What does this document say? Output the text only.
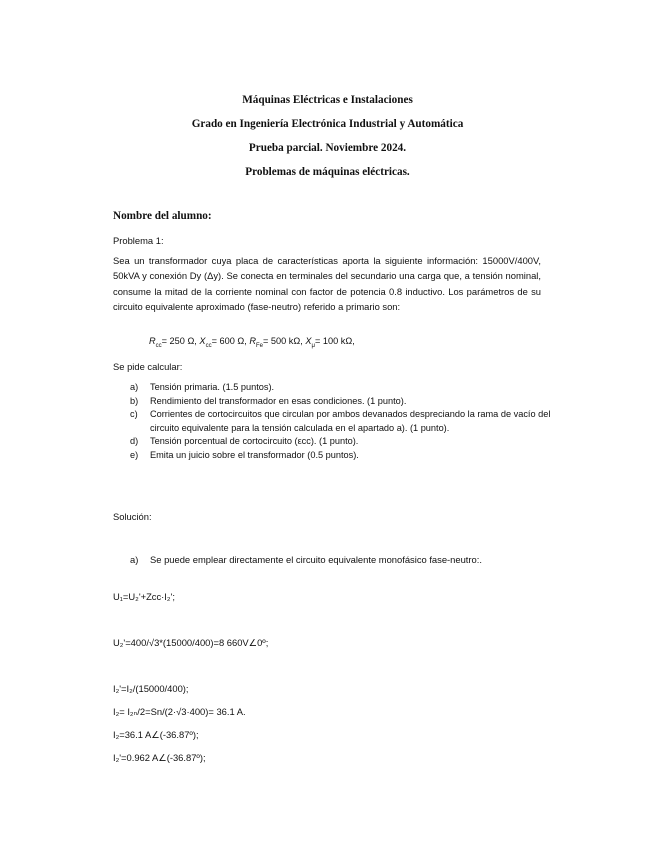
Máquinas Eléctricas e Instalaciones
Grado en Ingeniería Electrónica Industrial y Automática
Prueba parcial. Noviembre 2024.
Problemas de máquinas eléctricas.
Nombre del alumno:
Problema 1:
Sea un transformador cuya placa de características aporta la siguiente información: 15000V/400V, 50kVA y conexión Dy (Δy). Se conecta en terminales del secundario una carga que, a tensión nominal, consume la mitad de la corriente nominal con factor de potencia 0.8 inductivo. Los parámetros de su circuito equivalente aproximado (fase-neutro) referido a primario son:
$R_{cc}= 250$ Ω, $X_{cc}= 600$ Ω, $R_{Fe}= 500$ kΩ, $X_\mu= 100$ kΩ,
Se pide calcular:
a) Tensión primaria. (1.5 puntos).
b) Rendimiento del transformador en esas condiciones. (1 punto).
c) Corrientes de cortocircuitos que circulan por ambos devanados despreciando la rama de vacío del circuito equivalente para la tensión calculada en el apartado a). (1 punto).
d) Tensión porcentual de cortocircuito (εcc). (1 punto).
e) Emita un juicio sobre el transformador (0.5 puntos).
Solución:
a) Se puede emplear directamente el circuito equivalente monofásico fase-neutro:.
U₁=U₂'+Zcc·I₂';
U₂'=400/√3*(15000/400)=8 660V∠0º;
I₂'=I₂/(15000/400);
I₂= I₂ₙ/2=Sn/(2·√3·400)= 36.1 A.
I₂=36.1 A∠(-36.87º);
I₂'=0.962 A∠(-36.87º);
